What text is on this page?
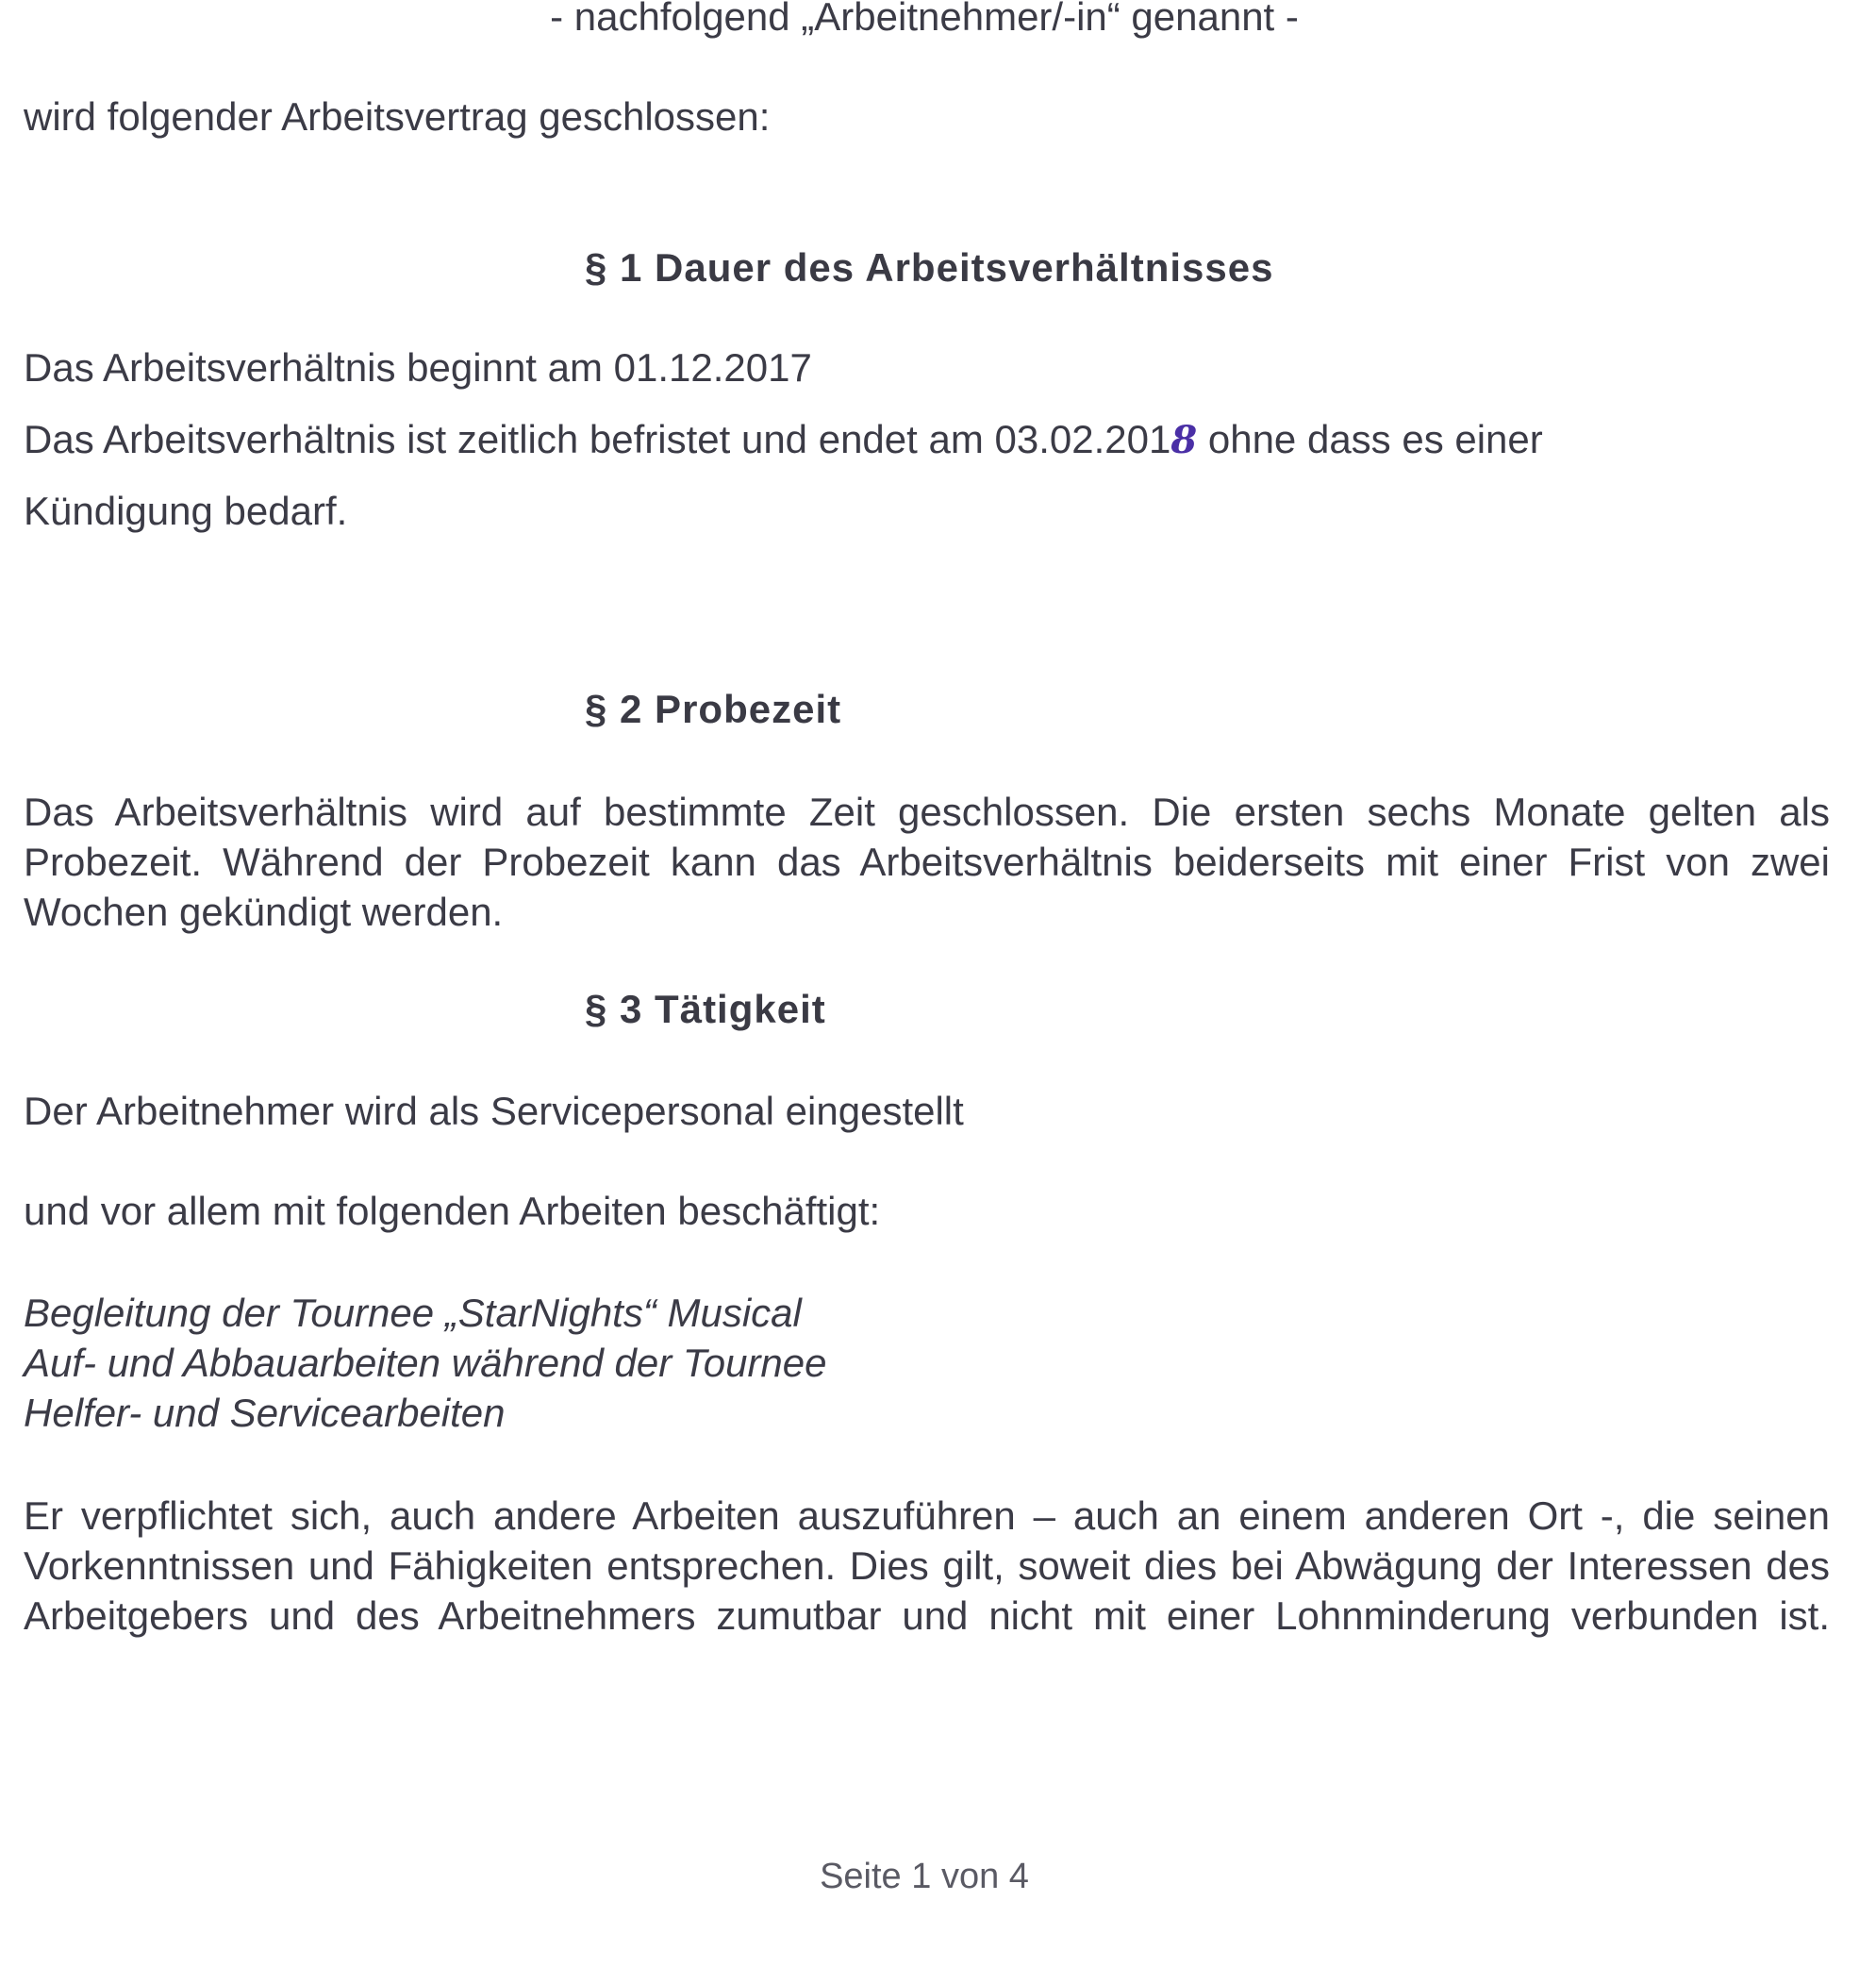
- nachfolgend „Arbeitnehmer/-in“ genannt -
wird folgender Arbeitsvertrag geschlossen:
§ 1 Dauer des Arbeitsverhältnisses
Das Arbeitsverhältnis beginnt am 01.12.2017
Das Arbeitsverhältnis ist zeitlich befristet und endet am 03.02.2018 ohne dass es einer
Kündigung bedarf.
§ 2 Probezeit
Das Arbeitsverhältnis wird auf bestimmte Zeit geschlossen. Die ersten sechs Monate gelten als Probezeit. Während der Probezeit kann das Arbeitsverhältnis beiderseits mit einer Frist von zwei Wochen gekündigt werden.
§ 3 Tätigkeit
Der Arbeitnehmer wird als Servicepersonal eingestellt
und vor allem mit folgenden Arbeiten beschäftigt:
Begleitung der Tournee „StarNights“ Musical
Auf- und Abbauarbeiten während der Tournee
Helfer- und Servicearbeiten
Er verpflichtet sich, auch andere Arbeiten auszuführen – auch an einem anderen Ort -, die seinen Vorkenntnissen und Fähigkeiten entsprechen. Dies gilt, soweit dies bei Abwägung der Interessen des Arbeitgebers und des Arbeitnehmers zumutbar und nicht mit einer Lohnminderung verbunden ist.
Seite 1 von 4
